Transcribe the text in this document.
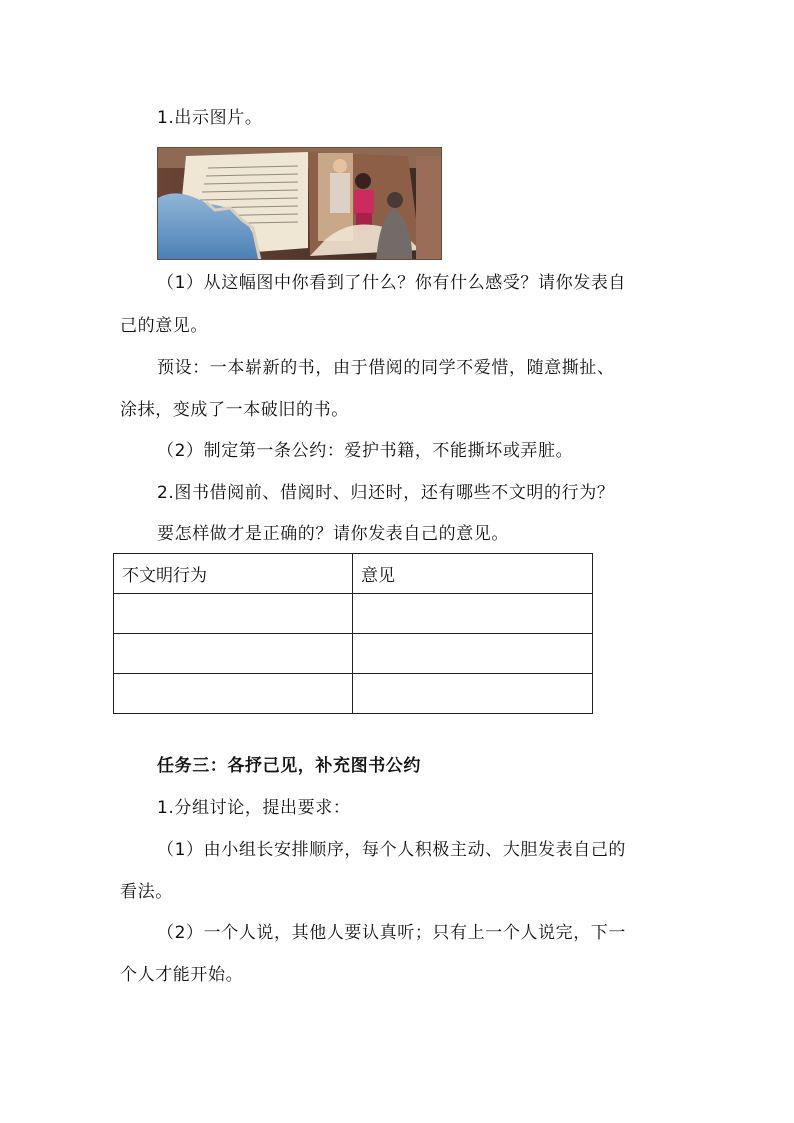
1.出示图片。
（1）从这幅图中你看到了什么？你有什么感受？请你发表自
己的意见。
预设：一本崭新的书，由于借阅的同学不爱惜，随意撕扯、
涂抹，变成了一本破旧的书。
（2）制定第一条公约：爱护书籍，不能撕坏或弄脏。
2.图书借阅前、借阅时、归还时，还有哪些不文明的行为？
要怎样做才是正确的？请你发表自己的意见。
不文明行为	意见

任务三：各抒己见，补充图书公约
1.分组讨论，提出要求：
（1）由小组长安排顺序，每个人积极主动、大胆发表自己的
看法。
（2）一个人说，其他人要认真听；只有上一个人说完，下一
个人才能开始。
